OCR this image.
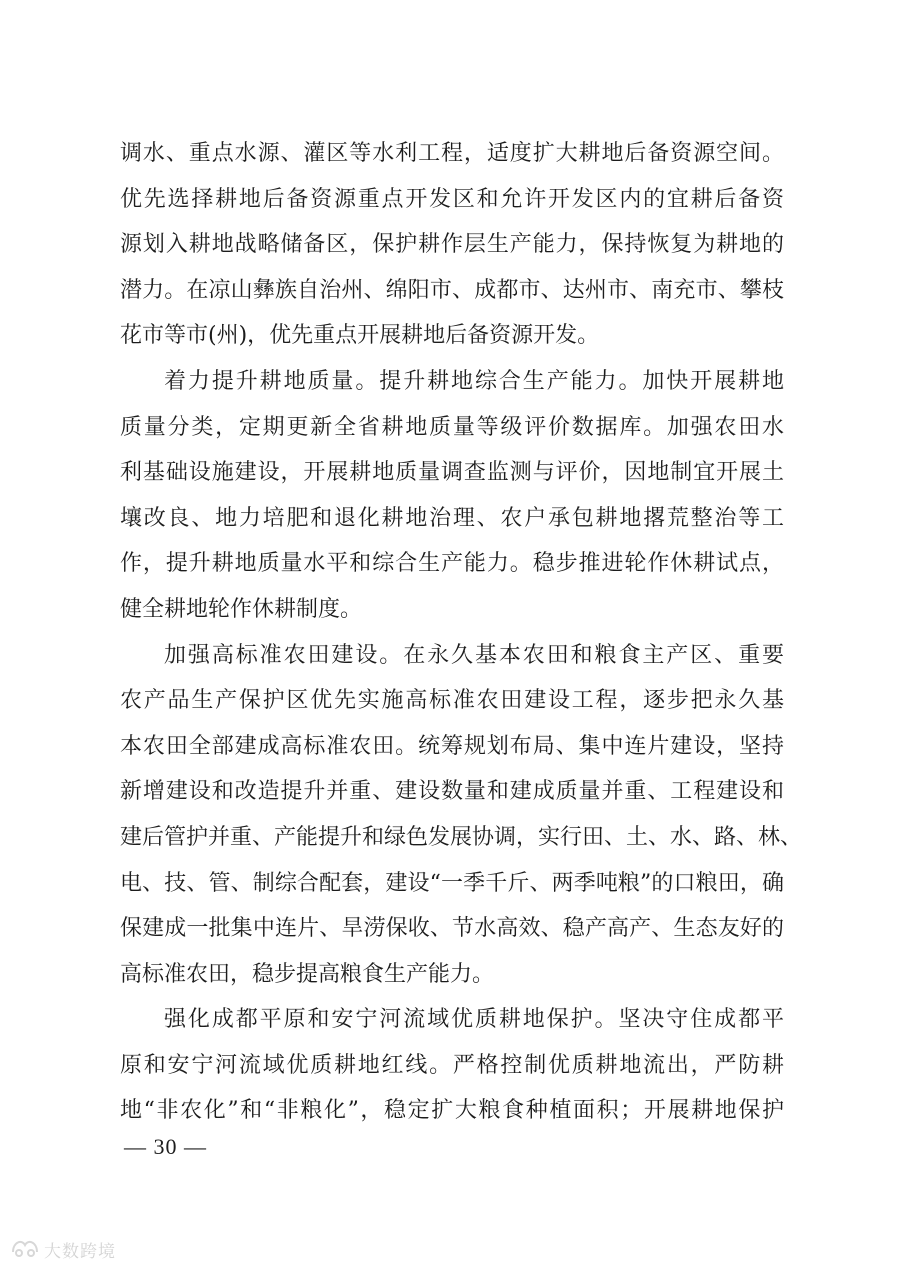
调水、重点水源、灌区等水利工程，适度扩大耕地后备资源空间。
优先选择耕地后备资源重点开发区和允许开发区内的宜耕后备资
源划入耕地战略储备区，保护耕作层生产能力，保持恢复为耕地的
潜力。在凉山彝族自治州、绵阳市、成都市、达州市、南充市、攀枝
花市等市(州)，优先重点开展耕地后备资源开发。
着力提升耕地质量。提升耕地综合生产能力。加快开展耕地
质量分类，定期更新全省耕地质量等级评价数据库。加强农田水
利基础设施建设，开展耕地质量调查监测与评价，因地制宜开展土
壤改良、地力培肥和退化耕地治理、农户承包耕地撂荒整治等工
作，提升耕地质量水平和综合生产能力。稳步推进轮作休耕试点，
健全耕地轮作休耕制度。
加强高标准农田建设。在永久基本农田和粮食主产区、重要
农产品生产保护区优先实施高标准农田建设工程，逐步把永久基
本农田全部建成高标准农田。统筹规划布局、集中连片建设，坚持
新增建设和改造提升并重、建设数量和建成质量并重、工程建设和
建后管护并重、产能提升和绿色发展协调，实行田、土、水、路、林、
电、技、管、制综合配套，建设“一季千斤、两季吨粮”的口粮田，确
保建成一批集中连片、旱涝保收、节水高效、稳产高产、生态友好的
高标准农田，稳步提高粮食生产能力。
强化成都平原和安宁河流域优质耕地保护。坚决守住成都平
原和安宁河流域优质耕地红线。严格控制优质耕地流出，严防耕
地“非农化”和“非粮化”，稳定扩大粮食种植面积；开展耕地保护
— 30 —
大数跨境
